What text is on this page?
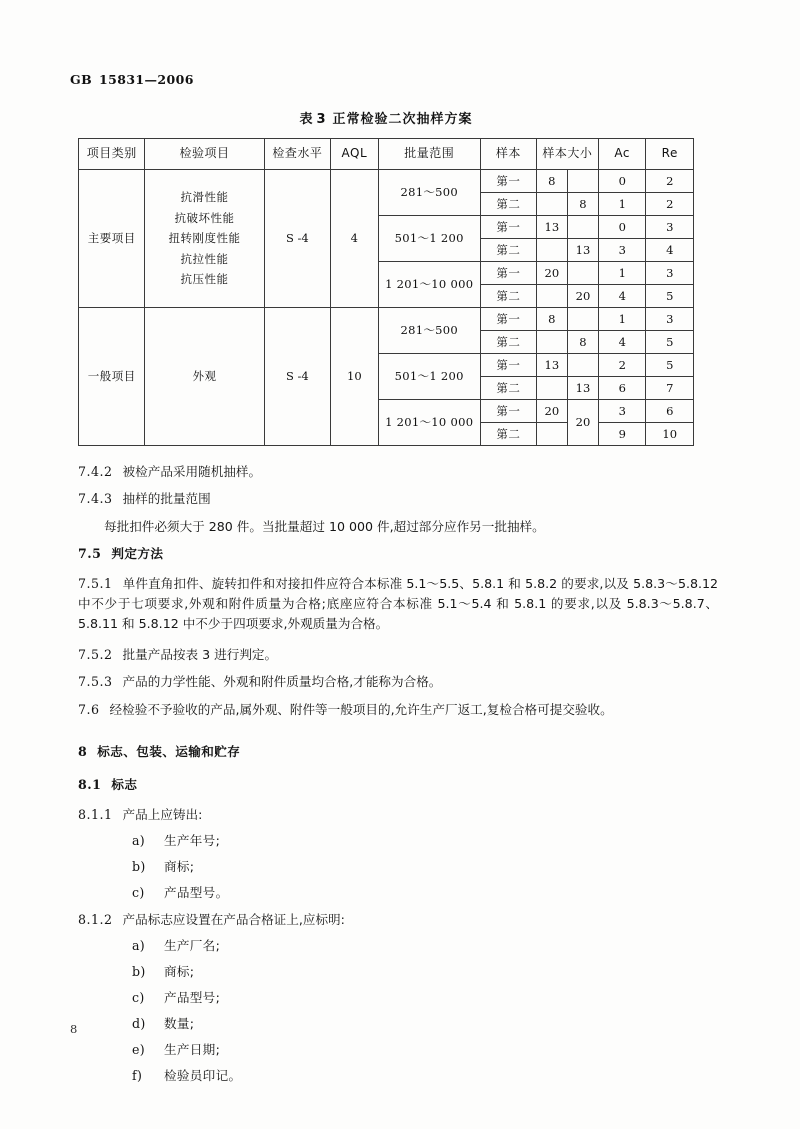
GB 15831—2006
表 3 正常检验二次抽样方案
项目类别	检验项目	检查水平	AQL	批量范围	样本	样本大小		Ac	Re
主要项目	抗滑性能
抗破坏性能
扭转刚度性能
抗拉性能
抗压性能	S -4	4	281～500	第一	8		0	2
					第二		8	1	2
				501～1 200	第一	13		0	3
					第二		13	3	4
				1 201～10 000	第一	20		1	3
					第二		20	4	5
一般项目	外观	S -4	10	281～500	第一	8		1	3
					第二		8	4	5
				501～1 200	第一	13		2	5
					第二		13	6	7
				1 201～10 000	第一	20	20	3	6
					第二			9	10

7.4.2 被检产品采用随机抽样。

7.4.3 抽样的批量范围

每批扣件必须大于 280 件。当批量超过 10 000 件,超过部分应作另一批抽样。

7.5 判定方法

7.5.1 单件直角扣件、旋转扣件和对接扣件应符合本标准 5.1～5.5、5.8.1 和 5.8.2 的要求,以及 5.8.3～5.8.12 中不少于七项要求,外观和附件质量为合格;底座应符合本标准 5.1～5.4 和 5.8.1 的要求,以及 5.8.3～5.8.7、5.8.11 和 5.8.12 中不少于四项要求,外观质量为合格。

7.5.2 批量产品按表 3 进行判定。

7.5.3 产品的力学性能、外观和附件质量均合格,才能称为合格。

7.6 经检验不予验收的产品,属外观、附件等一般项目的,允许生产厂返工,复检合格可提交验收。

8 标志、包装、运输和贮存

8.1 标志

8.1.1 产品上应铸出:

a) 生产年号;

b) 商标;

c) 产品型号。

8.1.2 产品标志应设置在产品合格证上,应标明:

a) 生产厂名;

b) 商标;

c) 产品型号;

d) 数量;

e) 生产日期;

f) 检验员印记。

8
